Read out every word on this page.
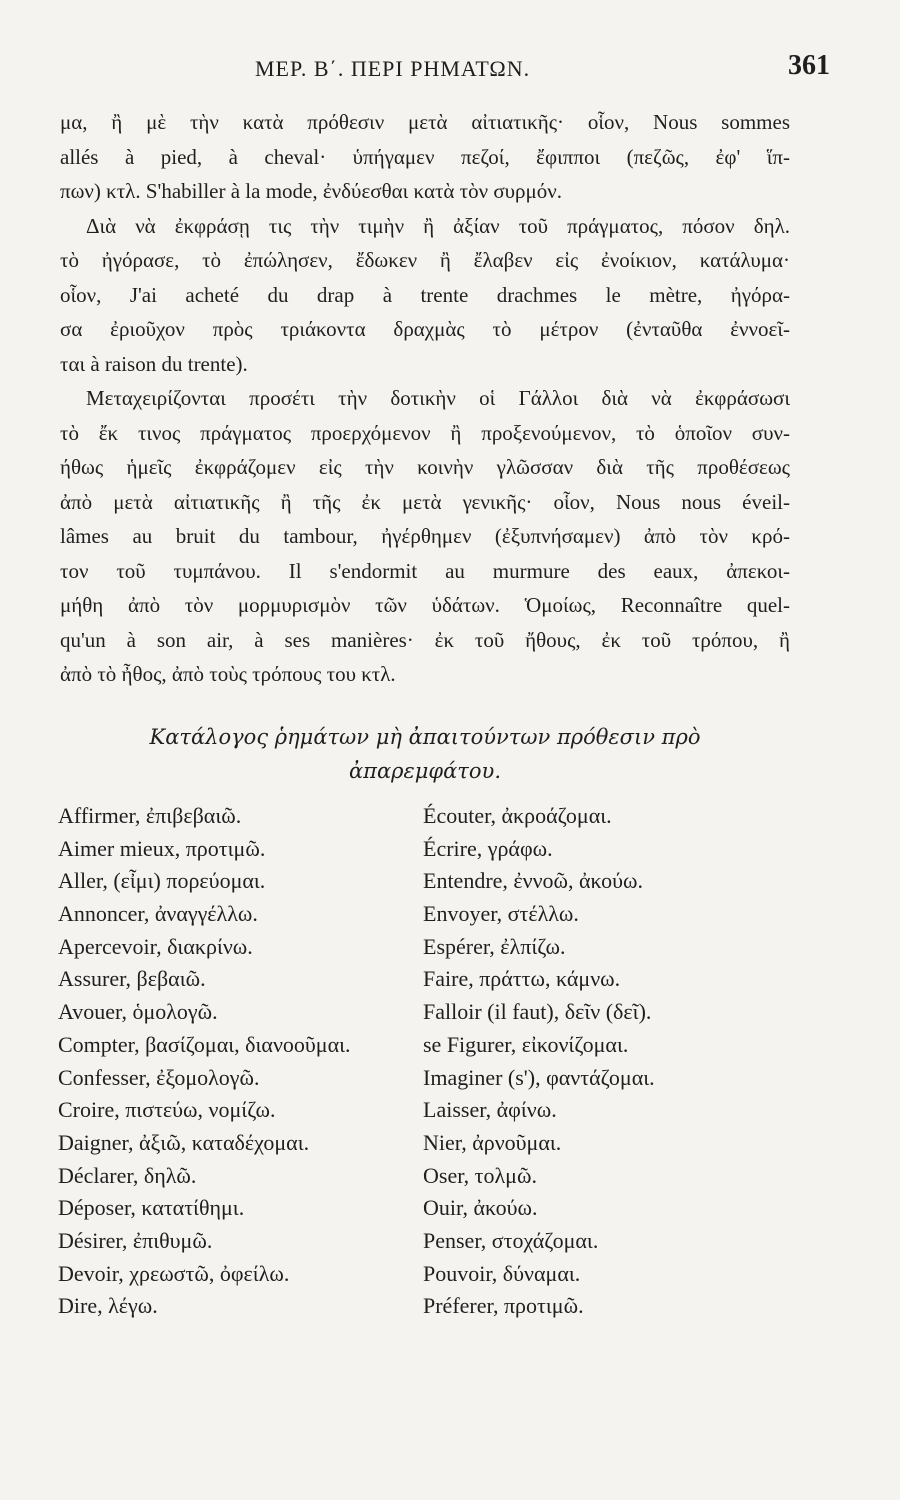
ΜΕΡ. Β΄. ΠΕΡΙ ΡΗΜΑΤΩΝ.	361
μα, ἢ μὲ τὴν κατὰ πρόθεσιν μετὰ αἰτιατικῆς· οἷον, Nous sommes
allés à pied, à cheval· ὑπήγαμεν πεζοί, ἔφιπποι (πεζῶς, ἐφ' ἵπ-
πων) κτλ. S'habiller à la mode, ἐνδύεσθαι κατὰ τὸν συρμόν.
Διὰ νὰ ἐκφράσῃ τις τὴν τιμὴν ἢ ἀξίαν τοῦ πράγματος, πόσον δηλ.
τὸ ἠγόρασε, τὸ ἐπώλησεν, ἔδωκεν ἢ ἔλαβεν εἰς ἐνοίκιον, κατάλυμα·
οἷον, J'ai acheté du drap à trente drachmes le mètre, ἠγόρα-
σα ἐριοῦχον πρὸς τριάκοντα δραχμὰς τὸ μέτρον (ἐνταῦθα ἐννοεῖ-
ται à raison du trente).
Μεταχειρίζονται προσέτι τὴν δοτικὴν οἱ Γάλλοι διὰ νὰ ἐκφράσωσι
τὸ ἔκ τινος πράγματος προερχόμενον ἢ προξενούμενον, τὸ ὁποῖον συν-
ήθως ἡμεῖς ἐκφράζομεν εἰς τὴν κοινὴν γλῶσσαν διὰ τῆς προθέσεως
ἀπὸ μετὰ αἰτιατικῆς ἢ τῆς ἐκ μετὰ γενικῆς· οἷον, Nous nous éveil-
lâmes au bruit du tambour, ἠγέρθημεν (ἐξυπνήσαμεν) ἀπὸ τὸν κρό-
τον τοῦ τυμπάνου. Il s'endormit au murmure des eaux, ἀπεκοι-
μήθη ἀπὸ τὸν μορμυρισμὸν τῶν ὑδάτων. Ὁμοίως, Reconnaître quel-
qu'un à son air, à ses manières· ἐκ τοῦ ἤθους, ἐκ τοῦ τρόπου, ἢ
ἀπὸ τὸ ἦθος, ἀπὸ τοὺς τρόπους του κτλ.
Κατάλογος ῥημάτων μὴ ἀπαιτούντων πρόθεσιν πρὸ
ἀπαρεμφάτου.
Affirmer, ἐπιβεβαιῶ.
Aimer mieux, προτιμῶ.
Aller, (εἶμι) πορεύομαι.
Annoncer, ἀναγγέλλω.
Apercevoir, διακρίνω.
Assurer, βεβαιῶ.
Avouer, ὁμολογῶ.
Compter, βασίζομαι, διανοοῦμαι.
Confesser, ἐξομολογῶ.
Croire, πιστεύω, νομίζω.
Daigner, ἀξιῶ, καταδέχομαι.
Déclarer, δηλῶ.
Déposer, κατατίθημι.
Désirer, ἐπιθυμῶ.
Devoir, χρεωστῶ, ὀφείλω.
Dire, λέγω.
Écouter, ἀκροάζομαι.
Écrire, γράφω.
Entendre, ἐννοῶ, ἀκούω.
Envoyer, στέλλω.
Espérer, ἐλπίζω.
Faire, πράττω, κάμνω.
Falloir (il faut), δεῖν (δεῖ).
se Figurer, εἰκονίζομαι.
Imaginer (s'), φαντάζομαι.
Laisser, ἀφίνω.
Nier, ἀρνοῦμαι.
Oser, τολμῶ.
Ouir, ἀκούω.
Penser, στοχάζομαι.
Pouvoir, δύναμαι.
Préferer, προτιμῶ.
